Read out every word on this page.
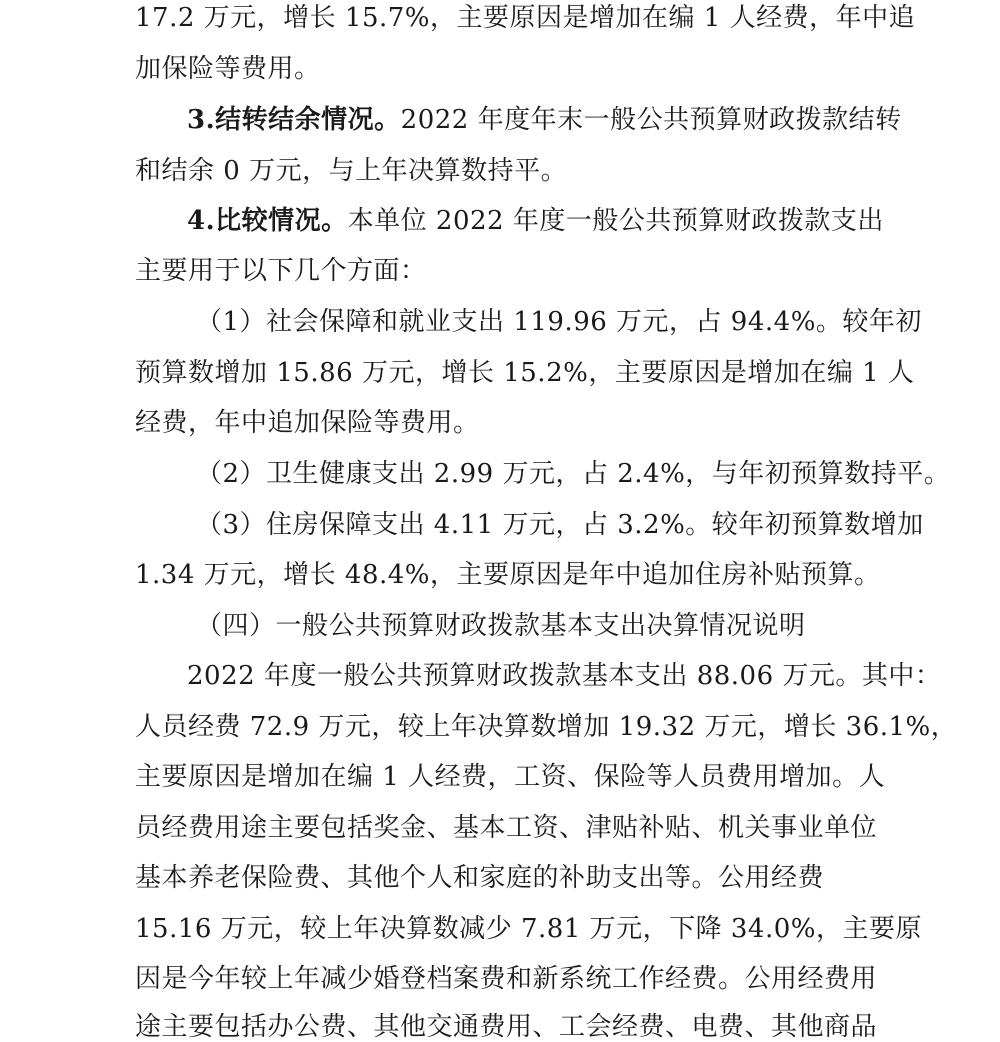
17.2 万元，增长 15.7%，主要原因是增加在编 1 人经费，年中追
加保险等费用。
3.结转结余情况。2022 年度年末一般公共预算财政拨款结转
和结余 0 万元，与上年决算数持平。
4.比较情况。本单位 2022 年度一般公共预算财政拨款支出
主要用于以下几个方面：
（1）社会保障和就业支出 119.96 万元，占 94.4%。较年初
预算数增加 15.86 万元，增长 15.2%，主要原因是增加在编 1 人
经费，年中追加保险等费用。
（2）卫生健康支出 2.99 万元，占 2.4%，与年初预算数持平。
（3）住房保障支出 4.11 万元，占 3.2%。较年初预算数增加
1.34 万元，增长 48.4%，主要原因是年中追加住房补贴预算。
（四）一般公共预算财政拨款基本支出决算情况说明
2022 年度一般公共预算财政拨款基本支出 88.06 万元。其中：
人员经费 72.9 万元，较上年决算数增加 19.32 万元，增长 36.1%，
主要原因是增加在编 1 人经费，工资、保险等人员费用增加。人
员经费用途主要包括奖金、基本工资、津贴补贴、机关事业单位
基本养老保险费、其他个人和家庭的补助支出等。公用经费
15.16 万元，较上年决算数减少 7.81 万元，下降 34.0%，主要原
因是今年较上年减少婚登档案费和新系统工作经费。公用经费用
途主要包括办公费、其他交通费用、工会经费、电费、其他商品
